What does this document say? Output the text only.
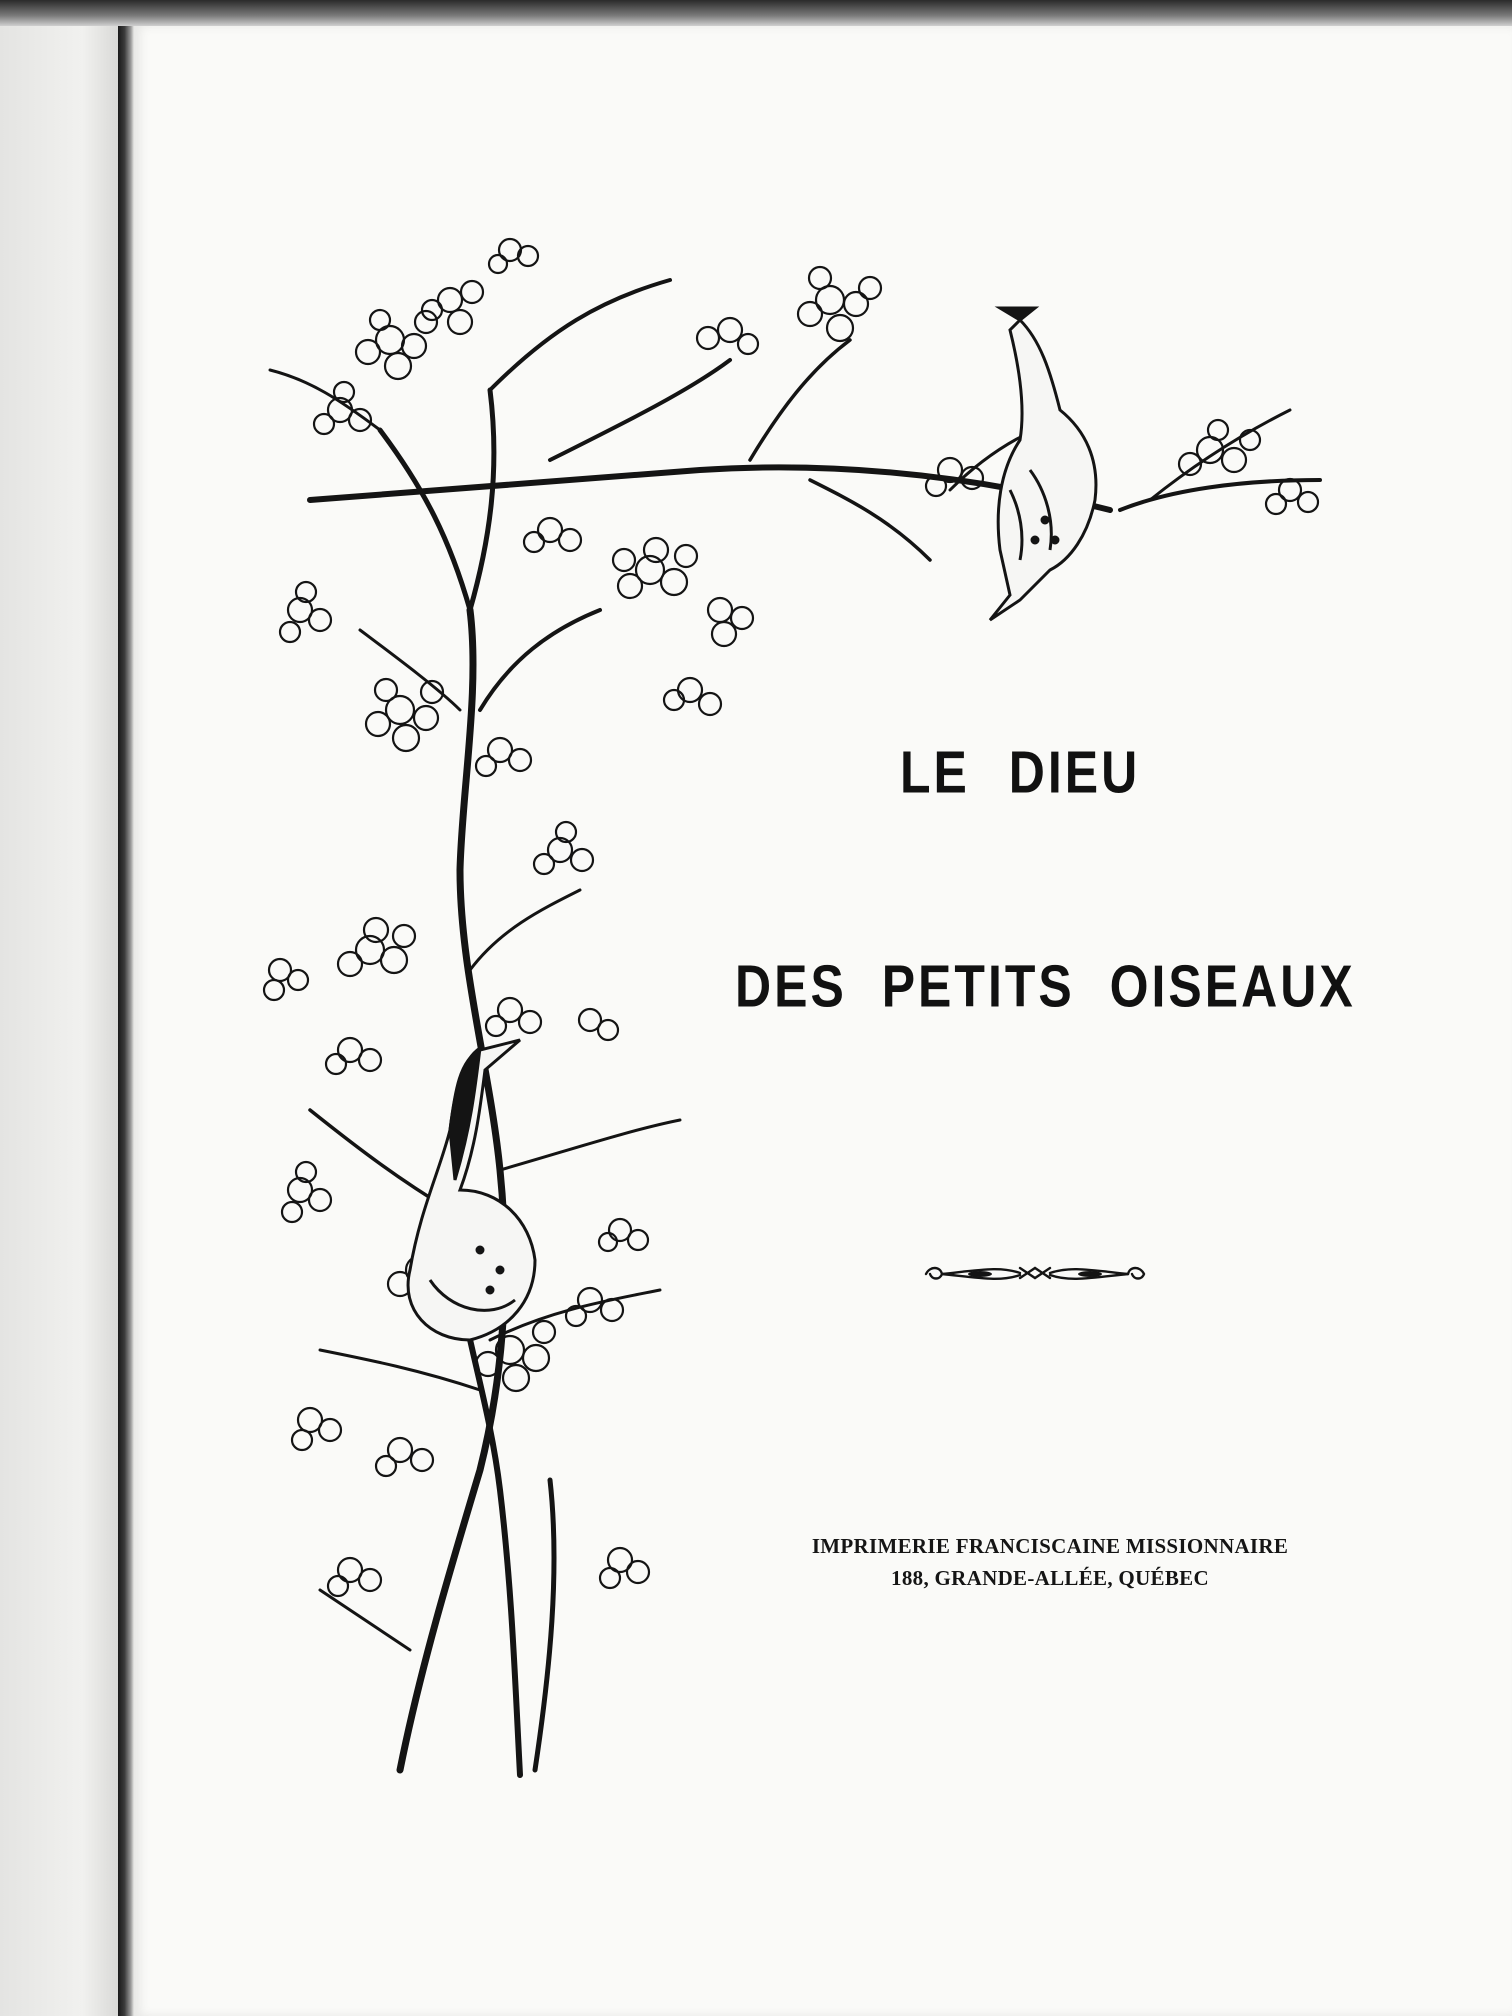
LE DIEU
DES PETITS OISEAUX
IMPRIMERIE FRANCISCAINE MISSIONNAIRE
188, GRANDE-ALLÉE, QUÉBEC
